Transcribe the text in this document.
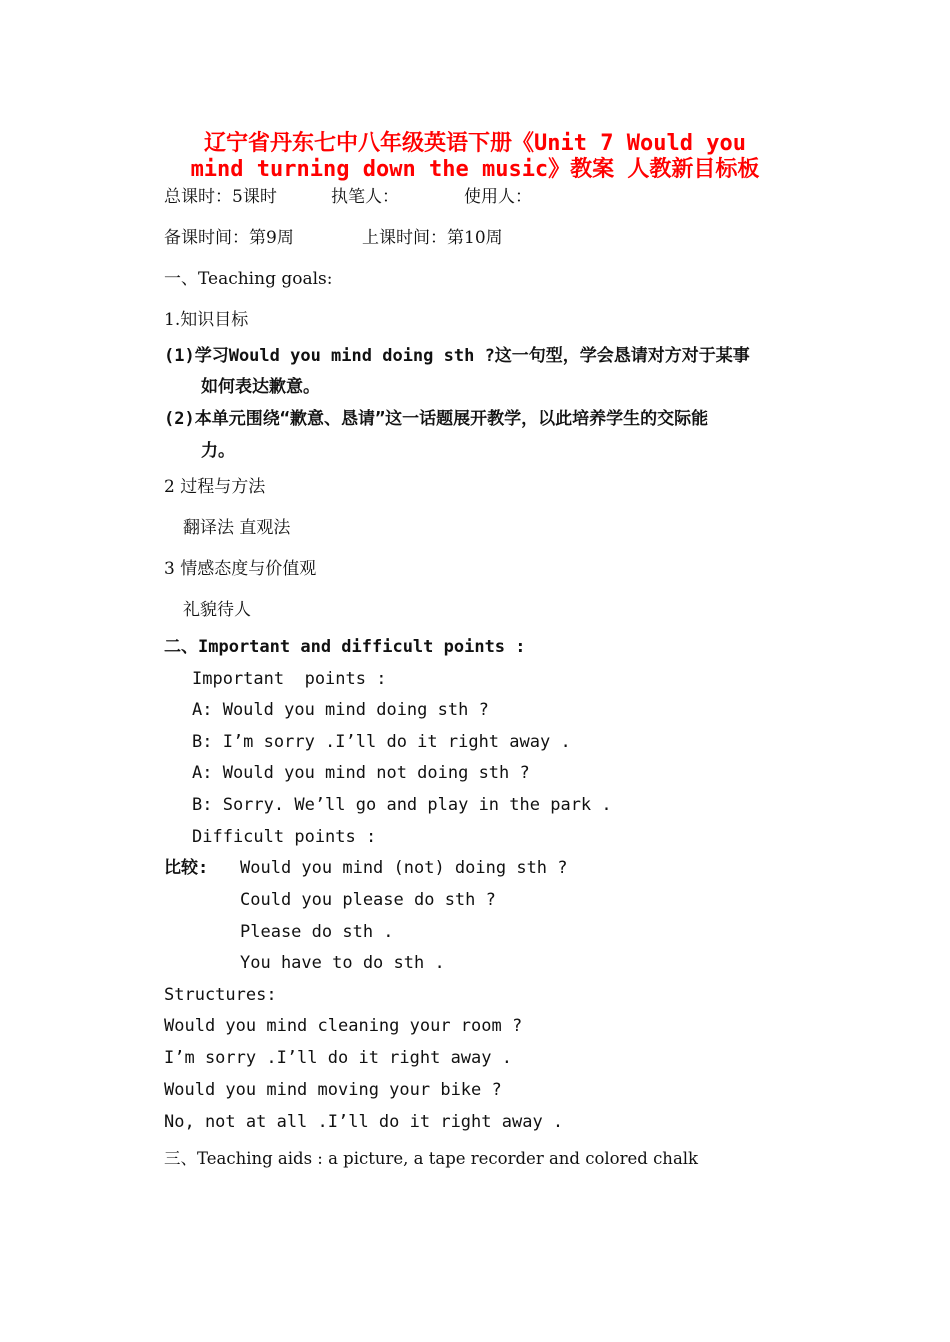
辽宁省丹东七中八年级英语下册《Unit 7 Would you
mind turning down the music》教案 人教新目标板
总课时：5课时	执笔人：	使用人：
备课时间：第9周	上课时间：第10周
一、Teaching goals:
1.知识目标
(1)学习Would you mind doing sth ?这一句型，学会恳请对方对于某事
如何表达歉意。
(2)本单元围绕“歉意、恳请”这一话题展开教学，以此培养学生的交际能
力。
2 过程与方法
翻译法 直观法
3 情感态度与价值观
礼貌待人
二、Important and difficult points :
Important  points :
A: Would you mind doing sth ?
B: I’m sorry .I’ll do it right away .
A: Would you mind not doing sth ?
B: Sorry. We’ll go and play in the park .
Difficult points :
比较: Would you mind (not) doing sth ?
Could you please do sth ?
Please do sth .
You have to do sth .
Structures:
Would you mind cleaning your room ?
I’m sorry .I’ll do it right away .
Would you mind moving your bike ?
No, not at all .I’ll do it right away .
三、Teaching aids : a picture, a tape recorder and colored chalk
